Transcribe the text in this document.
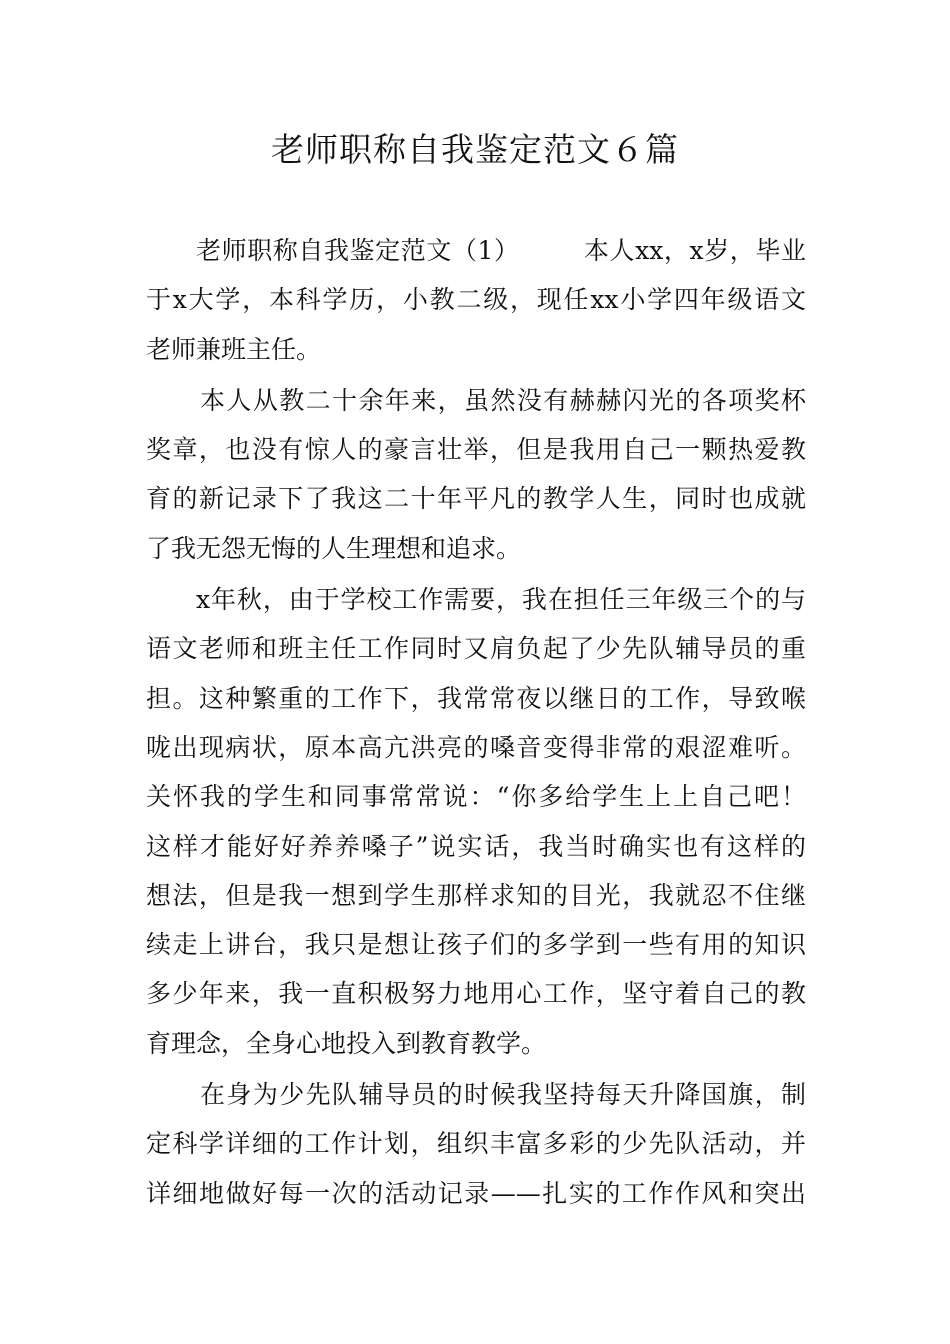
老师职称自我鉴定范文６篇
老师职称自我鉴定范文（1）　　　本人xx，x岁，毕业
于x大学，本科学历，小教二级，现任xx小学四年级语文
老师兼班主任。
本人从教二十余年来，虽然没有赫赫闪光的各项奖杯
奖章，也没有惊人的豪言壮举，但是我用自己一颗热爱教
育的新记录下了我这二十年平凡的教学人生，同时也成就
了我无怨无悔的人生理想和追求。
x年秋，由于学校工作需要，我在担任三年级三个的与
语文老师和班主任工作同时又肩负起了少先队辅导员的重
担。这种繁重的工作下，我常常夜以继日的工作，导致喉
咙出现病状，原本高亢洪亮的嗓音变得非常的艰涩难听。
关怀我的学生和同事常常说：“你多给学生上上自己吧！
这样才能好好养养嗓子”说实话，我当时确实也有这样的
想法，但是我一想到学生那样求知的目光，我就忍不住继
续走上讲台，我只是想让孩子们的多学到一些有用的知识
多少年来，我一直积极努力地用心工作，坚守着自己的教
育理念，全身心地投入到教育教学。
在身为少先队辅导员的时候我坚持每天升降国旗，制
定科学详细的工作计划，组织丰富多彩的少先队活动，并
详细地做好每一次的活动记录——扎实的工作作风和突出
